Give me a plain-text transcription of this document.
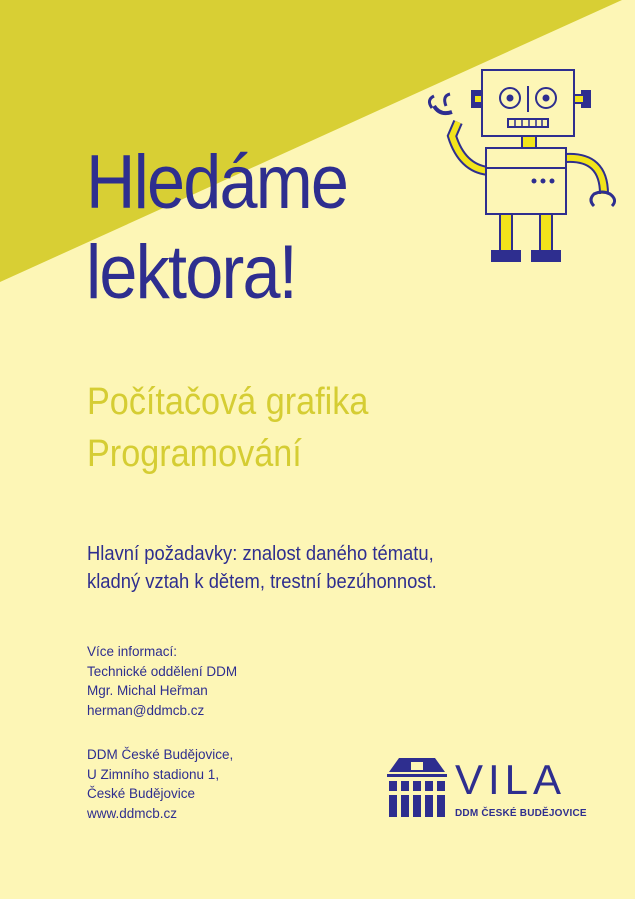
Hledáme
lektora!
Počítačová grafika
Programování
Hlavní požadavky: znalost daného tématu,
kladný vztah k dětem, trestní bezúhonnost.
Více informací:
Technické oddělení DDM
Mgr. Michal Heřman
herman@ddmcb.cz
DDM České Budějovice,
U Zimního stadionu 1,
České Budějovice
www.ddmcb.cz
VILA
DDM ČESKÉ BUDĚJOVICE
